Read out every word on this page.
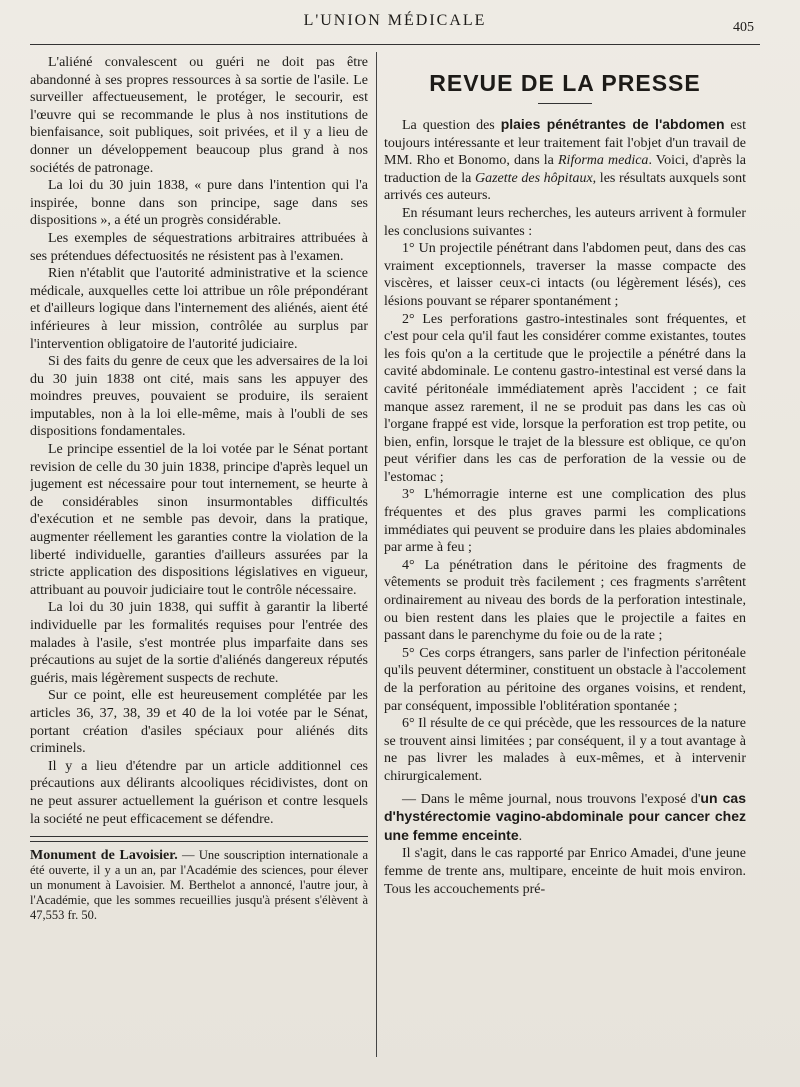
L'UNION MÉDICALE	405

L'aliéné convalescent ou guéri ne doit pas être abandonné à ses propres ressources à sa sortie de l'asile. Le surveiller affectueusement, le protéger, le secourir, est l'œuvre qui se recommande le plus à nos institutions de bienfaisance, soit publiques, soit privées, et il y a lieu de donner un développement beaucoup plus grand à nos sociétés de patronage.

La loi du 30 juin 1838, « pure dans l'intention qui l'a inspirée, bonne dans son principe, sage dans ses dispositions », a été un progrès considérable.

Les exemples de séquestrations arbitraires attribuées à ses prétendues défectuosités ne résistent pas à l'examen.

Rien n'établit que l'autorité administrative et la science médicale, auxquelles cette loi attribue un rôle prépondérant et d'ailleurs logique dans l'internement des aliénés, aient été inférieures à leur mission, contrôlée au surplus par l'intervention obligatoire de l'autorité judiciaire.

Si des faits du genre de ceux que les adversaires de la loi du 30 juin 1838 ont cité, mais sans les appuyer des moindres preuves, pouvaient se produire, ils seraient imputables, non à la loi elle-même, mais à l'oubli de ses dispositions fondamentales.

Le principe essentiel de la loi votée par le Sénat portant revision de celle du 30 juin 1838, principe d'après lequel un jugement est nécessaire pour tout internement, se heurte à de considérables sinon insurmontables difficultés d'exécution et ne semble pas devoir, dans la pratique, augmenter réellement les garanties contre la violation de la liberté individuelle, garanties d'ailleurs assurées par la stricte application des dispositions législatives en vigueur, attribuant au pouvoir judiciaire tout le contrôle nécessaire.

La loi du 30 juin 1838, qui suffit à garantir la liberté individuelle par les formalités requises pour l'entrée des malades à l'asile, s'est montrée plus imparfaite dans ses précautions au sujet de la sortie d'aliénés dangereux réputés guéris, mais légèrement suspects de rechute.

Sur ce point, elle est heureusement complétée par les articles 36, 37, 38, 39 et 40 de la loi votée par le Sénat, portant création d'asiles spéciaux pour aliénés dits criminels.

Il y a lieu d'étendre par un article additionnel ces précautions aux délirants alcooliques récidivistes, dont on ne peut assurer actuellement la guérison et contre lesquels la société ne peut efficacement se défendre.

Monument de Lavoisier. — Une souscription internationale a été ouverte, il y a un an, par l'Académie des sciences, pour élever un monument à Lavoisier. M. Berthelot a annoncé, l'autre jour, à l'Académie, que les sommes recueillies jusqu'à présent s'élèvent à 47,553 fr. 50.

REVUE DE LA PRESSE

La question des plaies pénétrantes de l'abdomen est toujours intéressante et leur traitement fait l'objet d'un travail de MM. Rho et Bonomo, dans la Riforma medica. Voici, d'après la traduction de la Gazette des hôpitaux, les résultats auxquels sont arrivés ces auteurs.

En résumant leurs recherches, les auteurs arrivent à formuler les conclusions suivantes :

1° Un projectile pénétrant dans l'abdomen peut, dans des cas vraiment exceptionnels, traverser la masse compacte des viscères, et laisser ceux-ci intacts (ou légèrement lésés), ces lésions pouvant se réparer spontanément ;

2° Les perforations gastro-intestinales sont fréquentes, et c'est pour cela qu'il faut les considérer comme existantes, toutes les fois qu'on a la certitude que le projectile a pénétré dans la cavité abdominale. Le contenu gastro-intestinal est versé dans la cavité péritonéale immédiatement après l'accident ; ce fait manque assez rarement, il ne se produit pas dans les cas où l'organe frappé est vide, lorsque la perforation est trop petite, ou bien, enfin, lorsque le trajet de la blessure est oblique, ce qu'on peut vérifier dans les cas de perforation de la vessie ou de l'estomac ;

3° L'hémorragie interne est une complication des plus fréquentes et des plus graves parmi les complications immédiates qui peuvent se produire dans les plaies abdominales par arme à feu ;

4° La pénétration dans le péritoine des fragments de vêtements se produit très facilement ; ces fragments s'arrêtent ordinairement au niveau des bords de la perforation intestinale, ou bien restent dans les plaies que le projectile a faites en passant dans le parenchyme du foie ou de la rate ;

5° Ces corps étrangers, sans parler de l'infection péritonéale qu'ils peuvent déterminer, constituent un obstacle à l'accolement de la perforation au péritoine des organes voisins, et rendent, par conséquent, impossible l'oblitération spontanée ;

6° Il résulte de ce qui précède, que les ressources de la nature se trouvent ainsi limitées ; par conséquent, il y a tout avantage à ne pas livrer les malades à eux-mêmes, et à intervenir chirurgicalement.

— Dans le même journal, nous trouvons l'exposé d'un cas d'hystérectomie vagino-abdominale pour cancer chez une femme enceinte.

Il s'agit, dans le cas rapporté par Enrico Amadei, d'une jeune femme de trente ans, multipare, enceinte de huit mois environ. Tous les accouchements pré-
